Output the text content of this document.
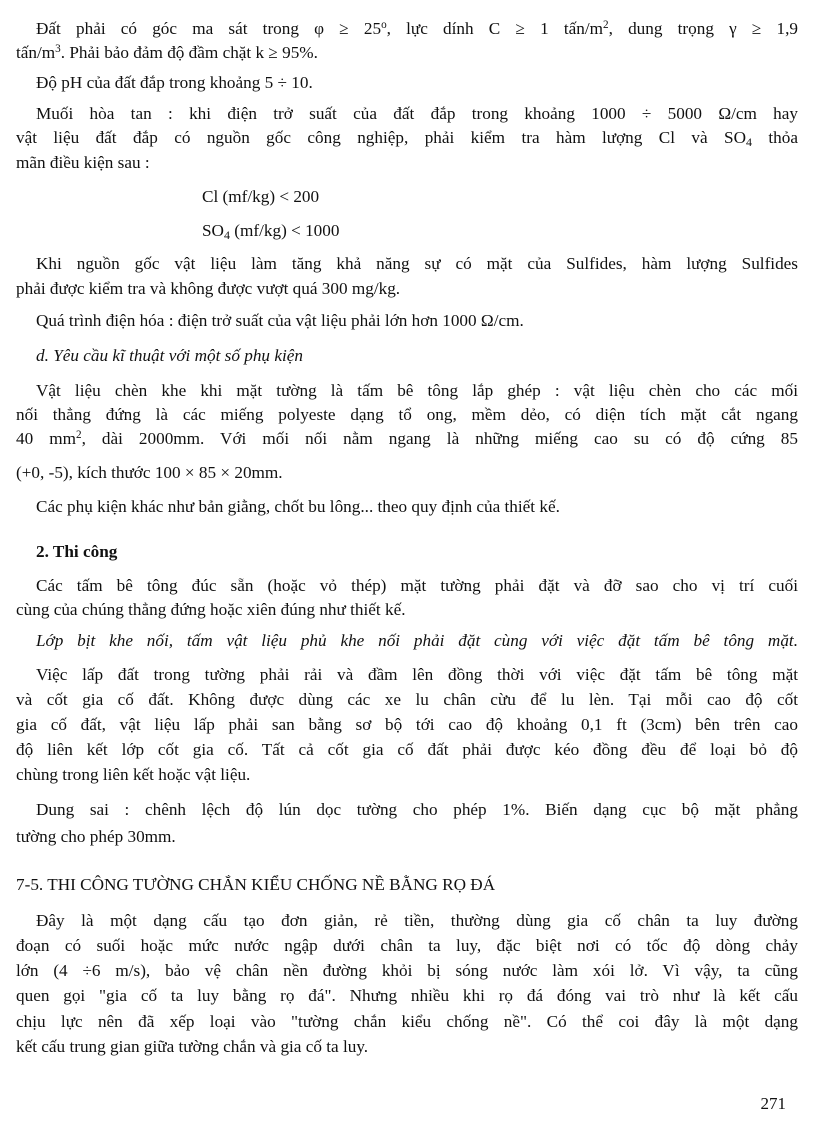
Đất phải có góc ma sát trong $\varphi \ge 25^o$, lực dính C ≥ 1 tấn/$m^2$, dung trọng γ ≥ 1,9

tấn/$m^3$. Phải bảo đảm độ đầm chặt k ≥ 95%.

Độ pH của đất đắp trong khoảng 5 ÷ 10.

Muối hòa tan : khi điện trở suất của đất đắp trong khoảng 1000 ÷ 5000 Ω/cm hay

vật liệu đất đắp có nguồn gốc công nghiệp, phải kiểm tra hàm lượng Cl và $SO_4$ thỏa

mãn điều kiện sau :

Cl (mf/kg) < 200

$SO_4$ (mf/kg) < 1000

Khi nguồn gốc vật liệu làm tăng khả năng sự có mặt của Sulfides, hàm lượng Sulfides

phải được kiểm tra và không được vượt quá 300 mg/kg.

Quá trình điện hóa : điện trở suất của vật liệu phải lớn hơn 1000 Ω/cm.

d. Yêu cầu kĩ thuật với một số phụ kiện

Vật liệu chèn khe khi mặt tường là tấm bê tông lắp ghép : vật liệu chèn cho các mối

nối thẳng đứng là các miếng polyeste dạng tổ ong, mềm dẻo, có diện tích mặt cắt ngang

40 $mm^2$, dài 2000mm. Với mối nối nằm ngang là những miếng cao su có độ cứng 85

(+0, -5), kích thước 100 × 85 × 20mm.

Các phụ kiện khác như bản giằng, chốt bu lông... theo quy định của thiết kế.

2. Thi công

Các tấm bê tông đúc sẵn (hoặc vỏ thép) mặt tường phải đặt và đỡ sao cho vị trí cuối

cùng của chúng thẳng đứng hoặc xiên đúng như thiết kế.

Lớp bịt khe nối, tấm vật liệu phủ khe nối phải đặt cùng với việc đặt tấm bê tông mặt.

Việc lấp đất trong tường phải rải và đầm lên đồng thời với việc đặt tấm bê tông mặt

và cốt gia cố đất. Không được dùng các xe lu chân cừu để lu lèn. Tại mỗi cao độ cốt

gia cố đất, vật liệu lấp phải san bằng sơ bộ tới cao độ khoảng 0,1 ft (3cm) bên trên cao

độ liên kết lớp cốt gia cố. Tất cả cốt gia cố đất phải được kéo đồng đều để loại bỏ độ

chùng trong liên kết hoặc vật liệu.

Dung sai : chênh lệch độ lún dọc tường cho phép 1%. Biến dạng cục bộ mặt phẳng

tường cho phép 30mm.

7-5. THI CÔNG TƯỜNG CHẮN KIỂU CHỐNG NỀ BẰNG RỌ ĐÁ

Đây là một dạng cấu tạo đơn giản, rẻ tiền, thường dùng gia cố chân ta luy đường

đoạn có suối hoặc mức nước ngập dưới chân ta luy, đặc biệt nơi có tốc độ dòng chảy

lớn (4 ÷6 m/s), bảo vệ chân nền đường khỏi bị sóng nước làm xói lở. Vì vậy, ta cũng

quen gọi "gia cố ta luy bằng rọ đá". Nhưng nhiều khi rọ đá đóng vai trò như là kết cấu

chịu lực nên đã xếp loại vào "tường chắn kiểu chống nề". Có thể coi đây là một dạng

kết cấu trung gian giữa tường chắn và gia cố ta luy.

271
